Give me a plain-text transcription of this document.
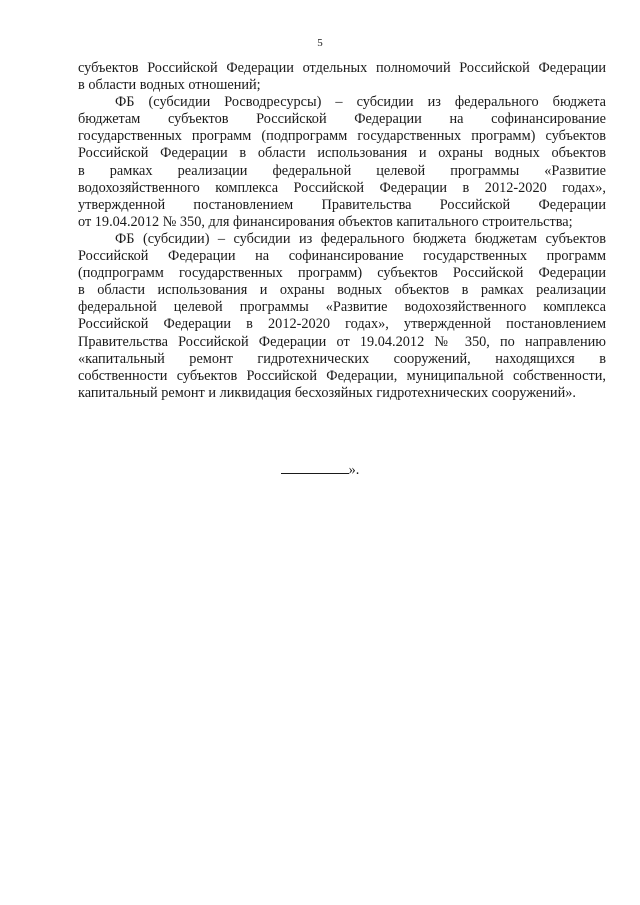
5
субъектов Российской Федерации отдельных полномочий Российской Федерации
в области водных отношений;
ФБ (субсидии Росводресурсы) – субсидии из федерального бюджета
бюджетам субъектов Российской Федерации на софинансирование
государственных программ (подпрограмм государственных программ) субъектов
Российской Федерации в области использования и охраны водных объектов
в рамках реализации федеральной целевой программы «Развитие
водохозяйственного комплекса Российской Федерации в 2012-2020 годах»,
утвержденной постановлением Правительства Российской Федерации
от 19.04.2012 № 350, для финансирования объектов капитального строительства;
ФБ (субсидии) – субсидии из федерального бюджета бюджетам субъектов
Российской Федерации на софинансирование государственных программ
(подпрограмм государственных программ) субъектов Российской Федерации
в области использования и охраны водных объектов в рамках реализации
федеральной целевой программы «Развитие водохозяйственного комплекса
Российской Федерации в 2012-2020 годах», утвержденной постановлением
Правительства Российской Федерации от 19.04.2012 № 350, по направлению
«капитальный ремонт гидротехнических сооружений, находящихся в
собственности субъектов Российской Федерации, муниципальной собственности,
капитальный ремонт и ликвидация бесхозяйных гидротехнических сооружений».
».
